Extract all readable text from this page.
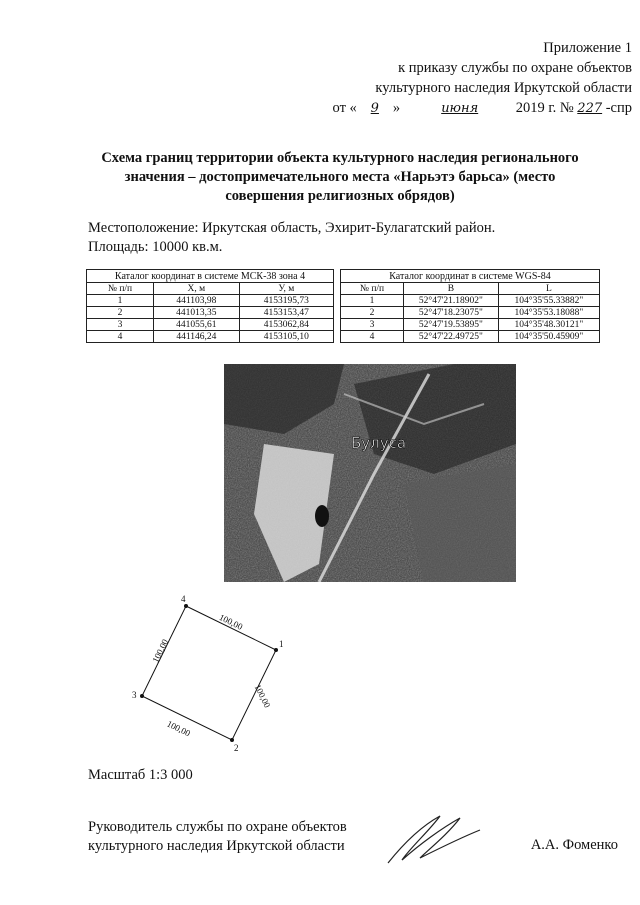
Приложение 1
к приказу службы по охране объектов
культурного наследия Иркутской области
от « 9 »	июня	2019 г. № 227 -спр
Схема границ территории объекта культурного наследия регионального
значения – достопримечательного места «Нарьэтэ барьса» (место
совершения религиозных обрядов)
Местоположение: Иркутская область, Эхирит-Булагатский район.
Площадь: 10000 кв.м.
Каталог координат в системе МСК-38 зона 4		
№ п/п	X, м	У, м
1	441103,98	4153195,73
2	441013,35	4153153,47
3	441055,61	4153062,84
4	441146,24	4153105,10
Каталог координат в системе WGS-84		
№ п/п	B	L
1	52°47'21.18902"	104°35'55.33882"
2	52°47'18.23075"	104°35'53.18088"
3	52°47'19.53895"	104°35'48.30121"
4	52°47'22.49725"	104°35'50.45909"
Булуса
4
1
2
3
100,00
100,00
100,00
100,00
Масштаб 1:3 000
Руководитель службы по охране объектов
культурного наследия Иркутской области	А.А. Фоменко
